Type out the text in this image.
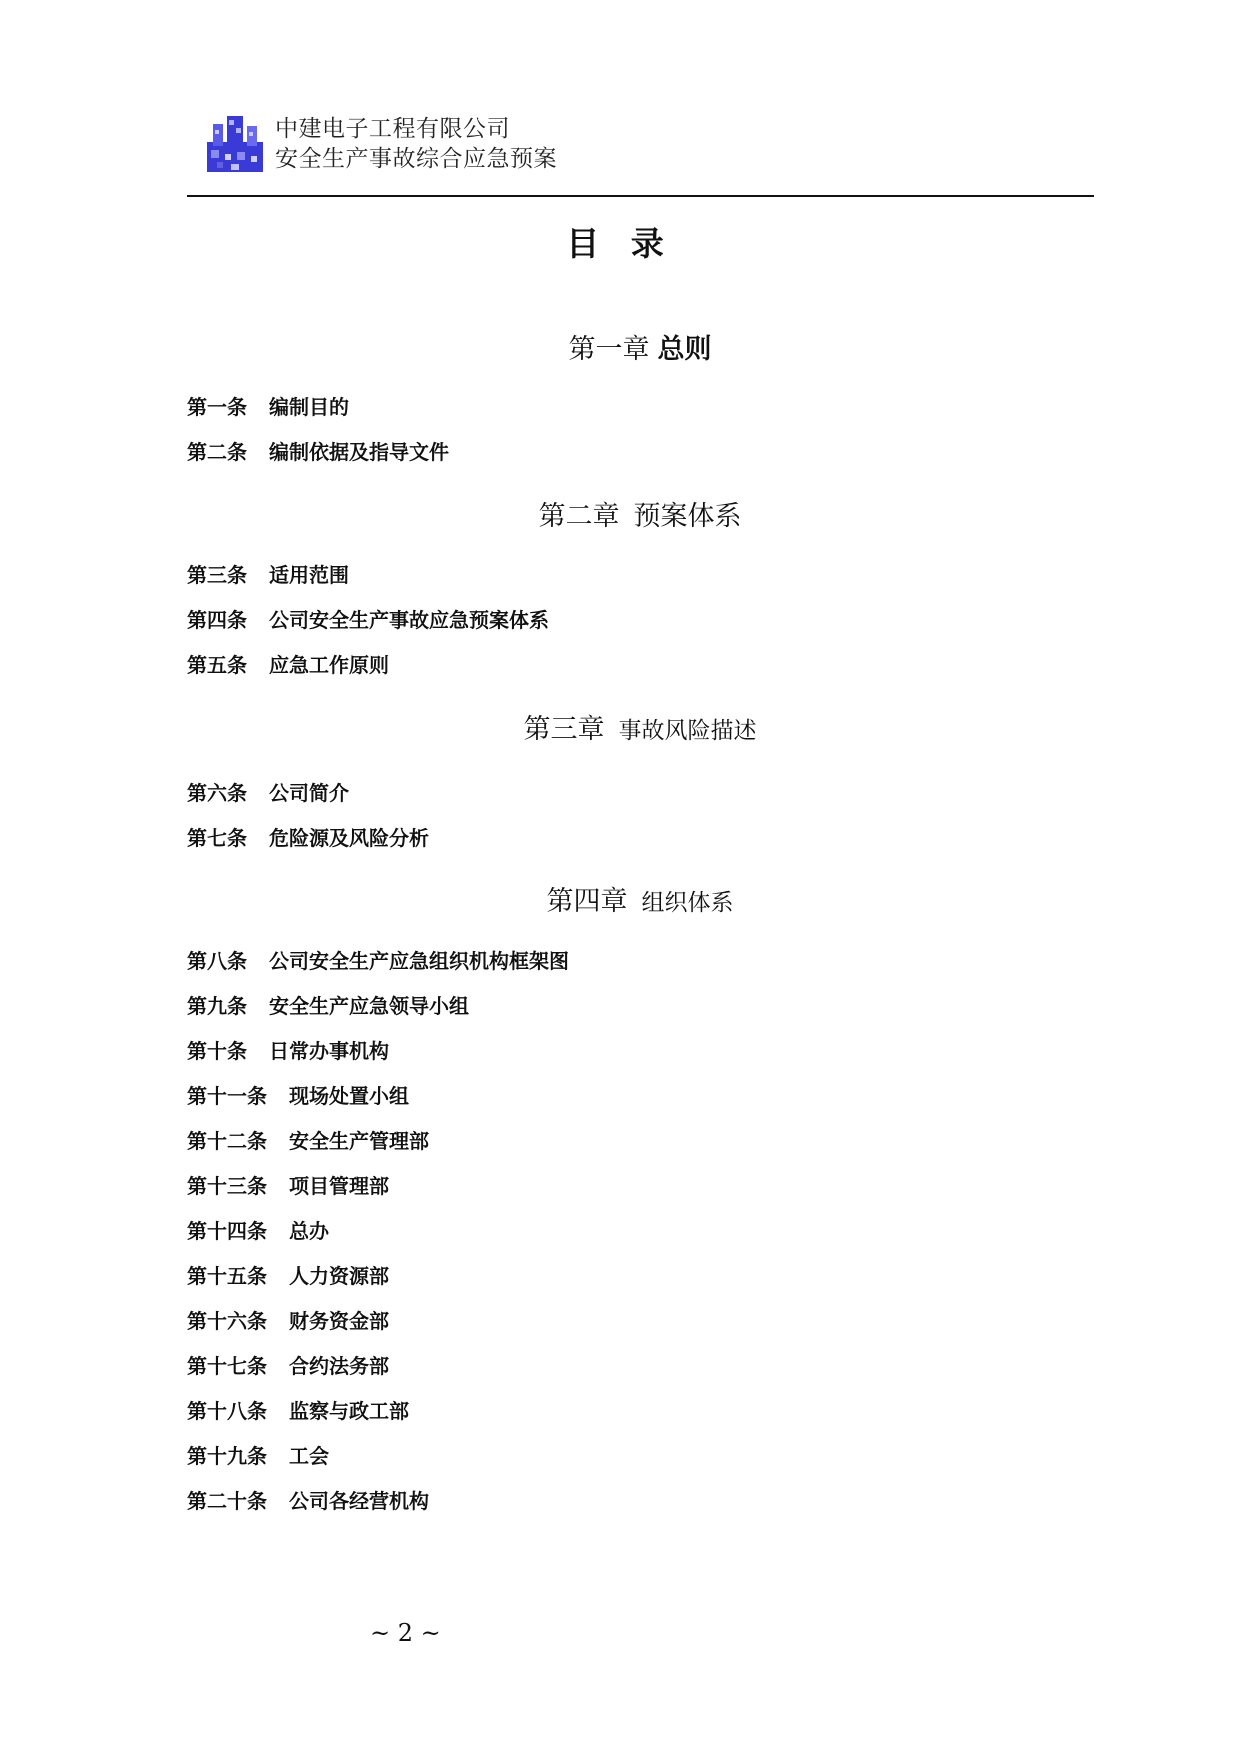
中建电子工程有限公司
安全生产事故综合应急预案
目 录
第一章 总则
第一条 编制目的
第二条 编制依据及指导文件
第二章 预案体系
第三条 适用范围
第四条 公司安全生产事故应急预案体系
第五条 应急工作原则
第三章 事故风险描述
第六条 公司简介
第七条 危险源及风险分析
第四章 组织体系
第八条 公司安全生产应急组织机构框架图
第九条 安全生产应急领导小组
第十条 日常办事机构
第十一条 现场处置小组
第十二条 安全生产管理部
第十三条 项目管理部
第十四条 总办
第十五条 人力资源部
第十六条 财务资金部
第十七条 合约法务部
第十八条 监察与政工部
第十九条 工会
第二十条 公司各经营机构
~ 2 ~
